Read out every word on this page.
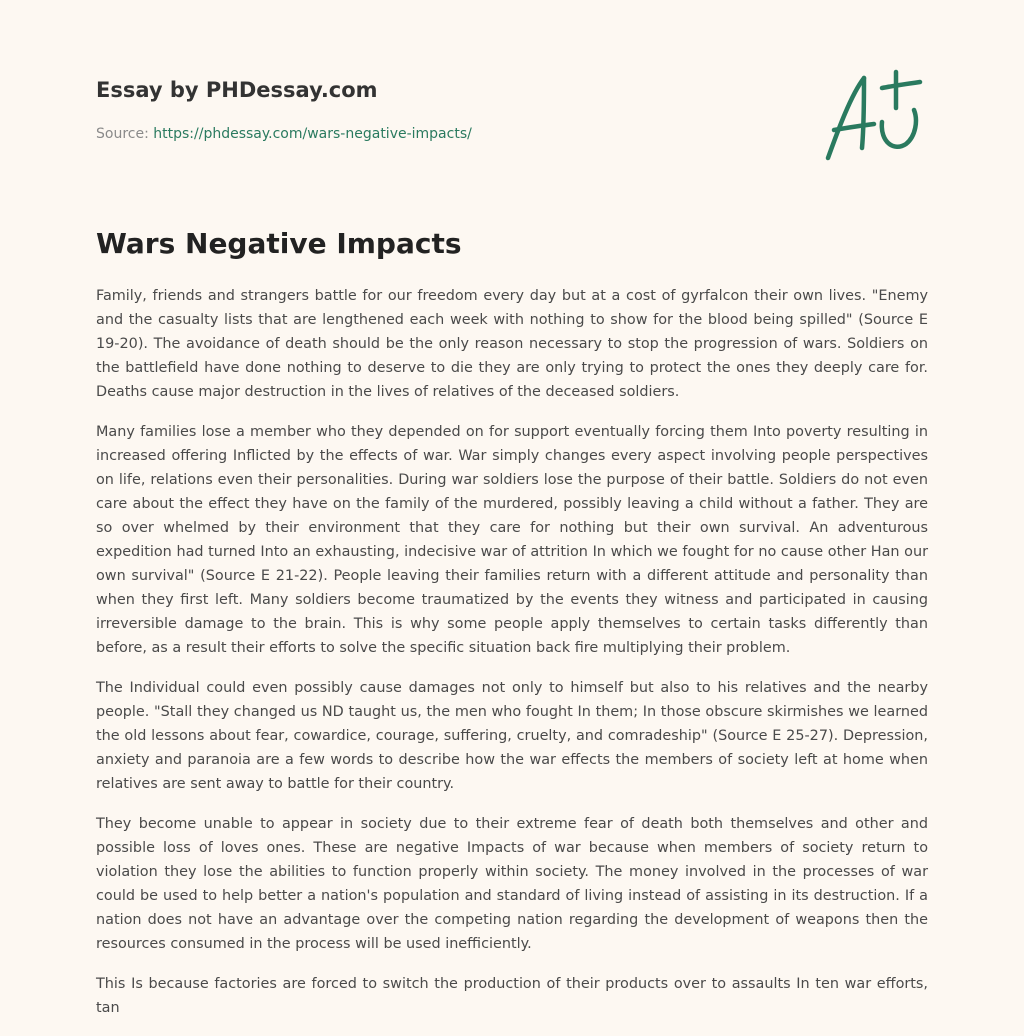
Essay by PHDessay.com
Source: https://phdessay.com/wars-negative-impacts/
Wars Negative Impacts

Family, friends and strangers battle for our freedom every day but at a cost of gyrfalcon their own lives. "Enemy and the casualty lists that are lengthened each week with nothing to show for the blood being spilled" (Source E 19-20). The avoidance of death should be the only reason necessary to stop the progression of wars. Soldiers on the battlefield have done nothing to deserve to die they are only trying to protect the ones they deeply care for. Deaths cause major destruction in the lives of relatives of the deceased soldiers.

Many families lose a member who they depended on for support eventually forcing them Into poverty resulting in increased offering Inflicted by the effects of war. War simply changes every aspect involving people perspectives on life, relations even their personalities. During war soldiers lose the purpose of their battle. Soldiers do not even care about the effect they have on the family of the murdered, possibly leaving a child without a father. They are so over whelmed by their environment that they care for nothing but their own survival. An adventurous expedition had turned Into an exhausting, indecisive war of attrition In which we fought for no cause other Han our own survival" (Source E 21-22). People leaving their families return with a different attitude and personality than when they first left. Many soldiers become traumatized by the events they witness and participated in causing irreversible damage to the brain. This is why some people apply themselves to certain tasks differently than before, as a result their efforts to solve the specific situation back fire multiplying their problem.

The Individual could even possibly cause damages not only to himself but also to his relatives and the nearby people. "Stall they changed us ND taught us, the men who fought In them; In those obscure skirmishes we learned the old lessons about fear, cowardice, courage, suffering, cruelty, and comradeship" (Source E 25-27). Depression, anxiety and paranoia are a few words to describe how the war effects the members of society left at home when relatives are sent away to battle for their country.

They become unable to appear in society due to their extreme fear of death both themselves and other and possible loss of loves ones. These are negative Impacts of war because when members of society return to violation they lose the abilities to function properly within society. The money involved in the processes of war could be used to help better a nation's population and standard of living instead of assisting in its destruction. If a nation does not have an advantage over the competing nation regarding the development of weapons then the resources consumed in the process will be used inefficiently.

This Is because factories are forced to switch the production of their products over to assaults In ten war efforts, tan
